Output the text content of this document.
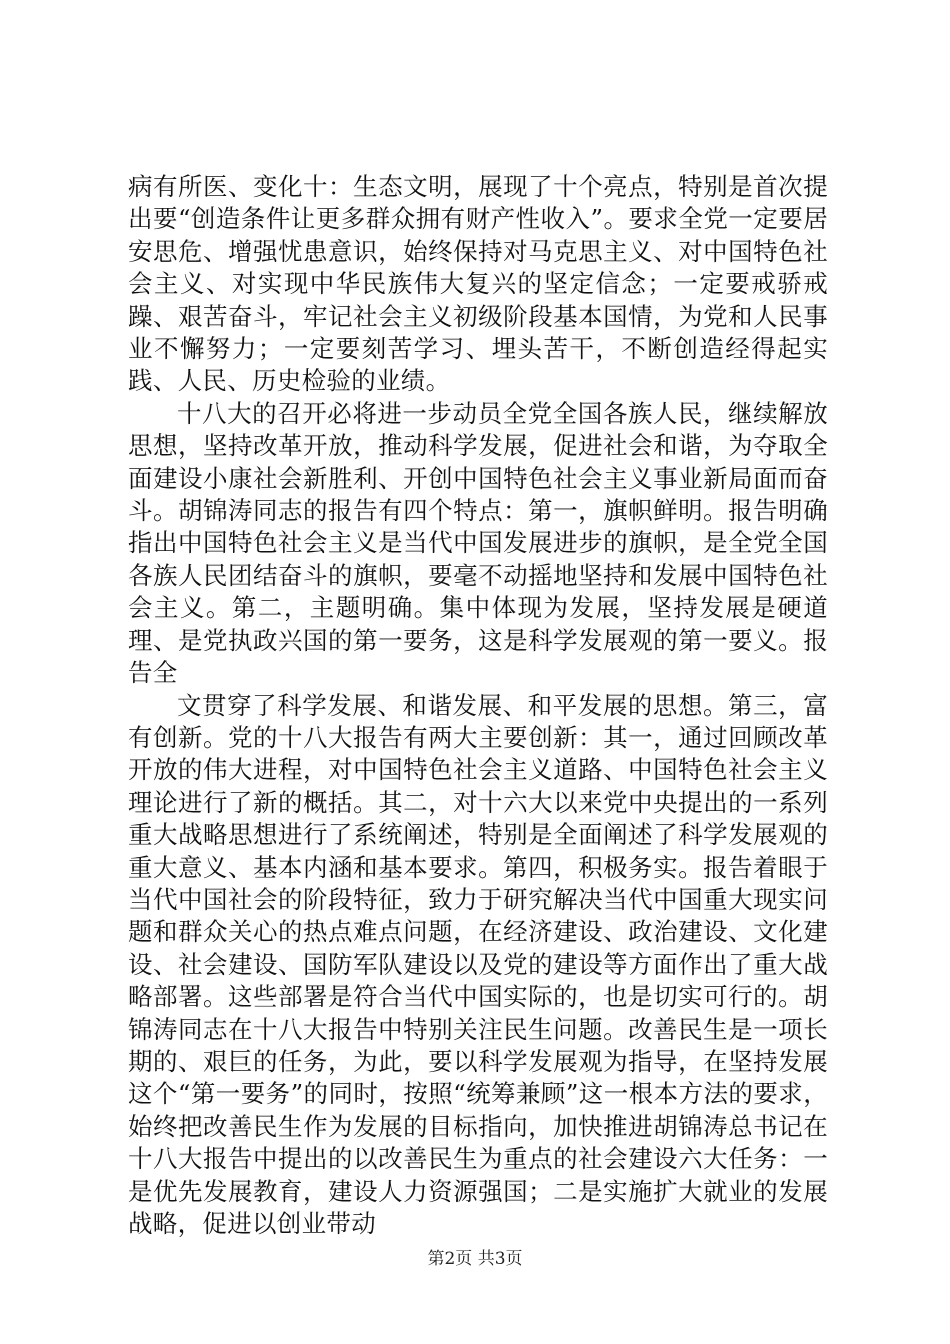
病有所医、变化十：生态文明，展现了十个亮点，特别是首次提出要“创造条件让更多群众拥有财产性收入”。要求全党一定要居安思危、增强忧患意识，始终保持对马克思主义、对中国特色社会主义、对实现中华民族伟大复兴的坚定信念；一定要戒骄戒躁、艰苦奋斗，牢记社会主义初级阶段基本国情，为党和人民事业不懈努力；一定要刻苦学习、埋头苦干，不断创造经得起实践、人民、历史检验的业绩。

十八大的召开必将进一步动员全党全国各族人民，继续解放思想，坚持改革开放，推动科学发展，促进社会和谐，为夺取全面建设小康社会新胜利、开创中国特色社会主义事业新局面而奋斗。胡锦涛同志的报告有四个特点：第一，旗帜鲜明。报告明确指出中国特色社会主义是当代中国发展进步的旗帜，是全党全国各族人民团结奋斗的旗帜，要毫不动摇地坚持和发展中国特色社会主义。第二，主题明确。集中体现为发展，坚持发展是硬道理、是党执政兴国的第一要务，这是科学发展观的第一要义。报告全

文贯穿了科学发展、和谐发展、和平发展的思想。第三，富有创新。党的十八大报告有两大主要创新：其一，通过回顾改革开放的伟大进程，对中国特色社会主义道路、中国特色社会主义理论进行了新的概括。其二，对十六大以来党中央提出的一系列重大战略思想进行了系统阐述，特别是全面阐述了科学发展观的重大意义、基本内涵和基本要求。第四，积极务实。报告着眼于当代中国社会的阶段特征，致力于研究解决当代中国重大现实问题和群众关心的热点难点问题，在经济建设、政治建设、文化建设、社会建设、国防军队建设以及党的建设等方面作出了重大战略部署。这些部署是符合当代中国实际的，也是切实可行的。胡锦涛同志在十八大报告中特别关注民生问题。改善民生是一项长期的、艰巨的任务，为此，要以科学发展观为指导，在坚持发展这个“第一要务”的同时，按照“统筹兼顾”这一根本方法的要求，始终把改善民生作为发展的目标指向，加快推进胡锦涛总书记在十八大报告中提出的以改善民生为重点的社会建设六大任务：一是优先发展教育，建设人力资源强国；二是实施扩大就业的发展战略，促进以创业带动

第2页 共3页
